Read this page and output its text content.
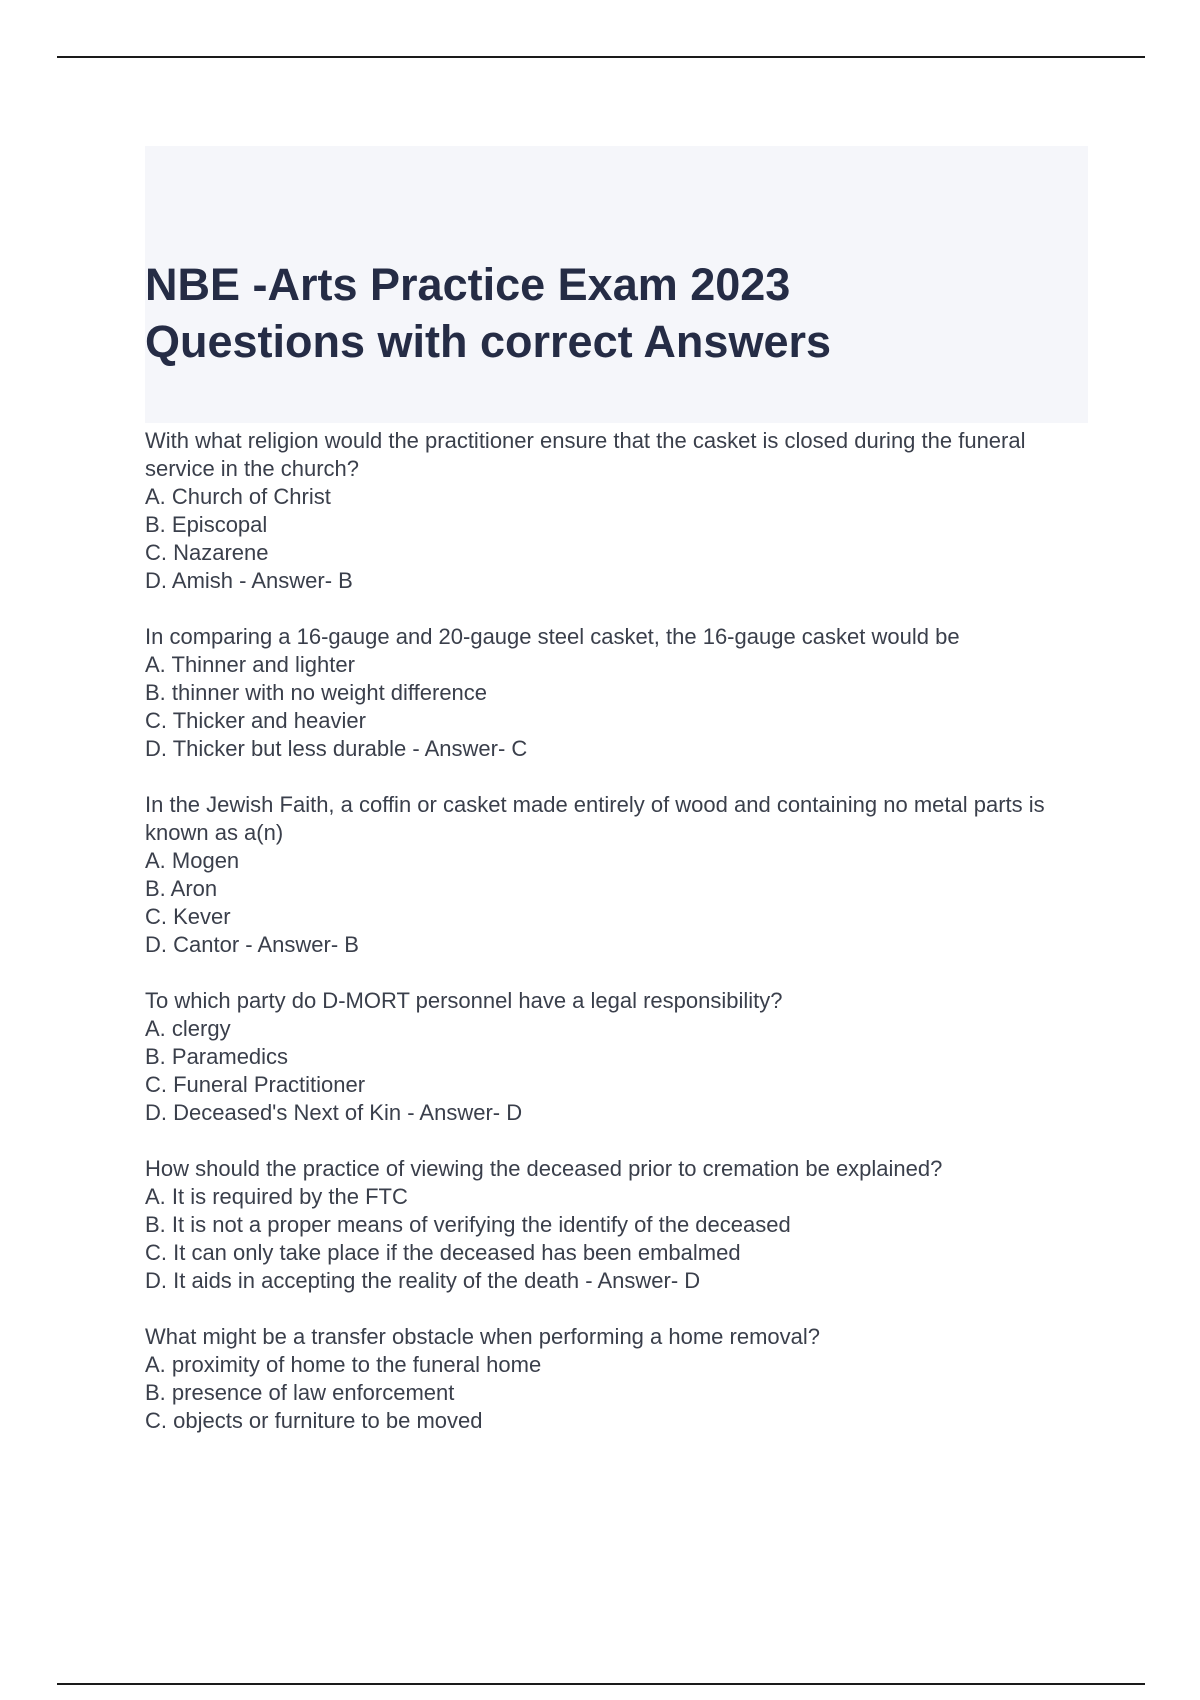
NBE -Arts Practice Exam 2023
Questions with correct Answers

With what religion would the practitioner ensure that the casket is closed during the funeral service in the church?

A. Church of Christ

B. Episcopal

C. Nazarene

D. Amish - Answer- B

In comparing a 16-gauge and 20-gauge steel casket, the 16-gauge casket would be

A. Thinner and lighter

B. thinner with no weight difference

C. Thicker and heavier

D. Thicker but less durable - Answer- C

In the Jewish Faith, a coffin or casket made entirely of wood and containing no metal parts is known as a(n)

A. Mogen

B. Aron

C. Kever

D. Cantor - Answer- B

To which party do D-MORT personnel have a legal responsibility?

A. clergy

B. Paramedics

C. Funeral Practitioner

D. Deceased's Next of Kin - Answer- D

How should the practice of viewing the deceased prior to cremation be explained?

A. It is required by the FTC

B. It is not a proper means of verifying the identify of the deceased

C. It can only take place if the deceased has been embalmed

D. It aids in accepting the reality of the death - Answer- D

What might be a transfer obstacle when performing a home removal?

A. proximity of home to the funeral home

B. presence of law enforcement

C. objects or furniture to be moved
